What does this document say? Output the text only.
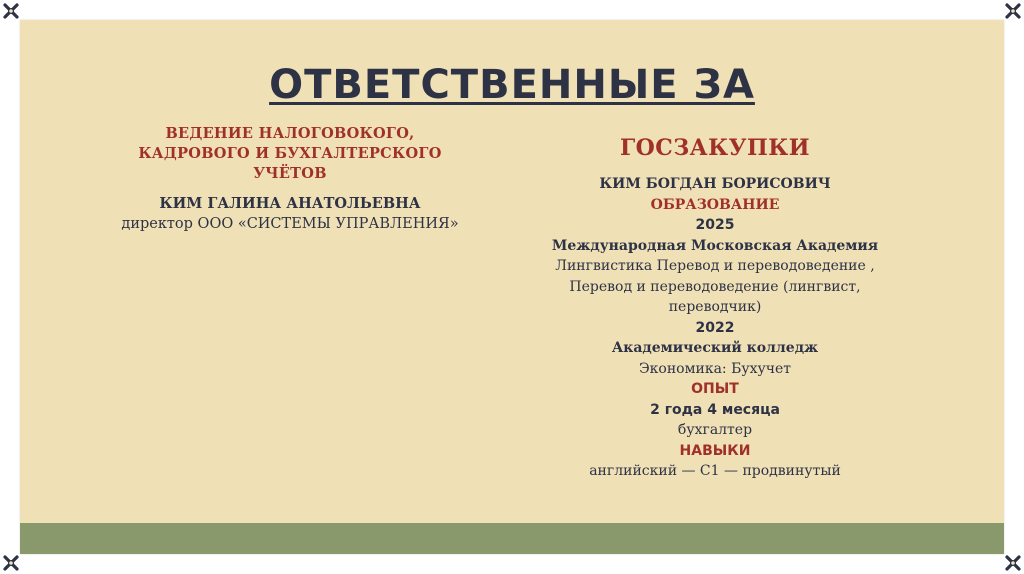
ОТВЕТСТВЕННЫЕ ЗА
ВЕДЕНИЕ НАЛОГОВОКОГО, КАДРОВОГО И БУХГАЛТЕРСКОГО УЧЁТОВ
КИМ ГАЛИНА АНАТОЛЬЕВНА
директор ООО «СИСТЕМЫ УПРАВЛЕНИЯ»
ГОСЗАКУПКИ
КИМ БОГДАН БОРИСОВИЧ
ОБРАЗОВАНИЕ
2025
Международная Московская Академия
Лингвистика Перевод и переводоведение ,
Перевод и переводоведение (лингвист,
переводчик)
2022
Академический колледж
Экономика: Бухучет
ОПЫТ
2 года 4 месяца
бухгалтер
НАВЫКИ
английский — C1 — продвинутый
